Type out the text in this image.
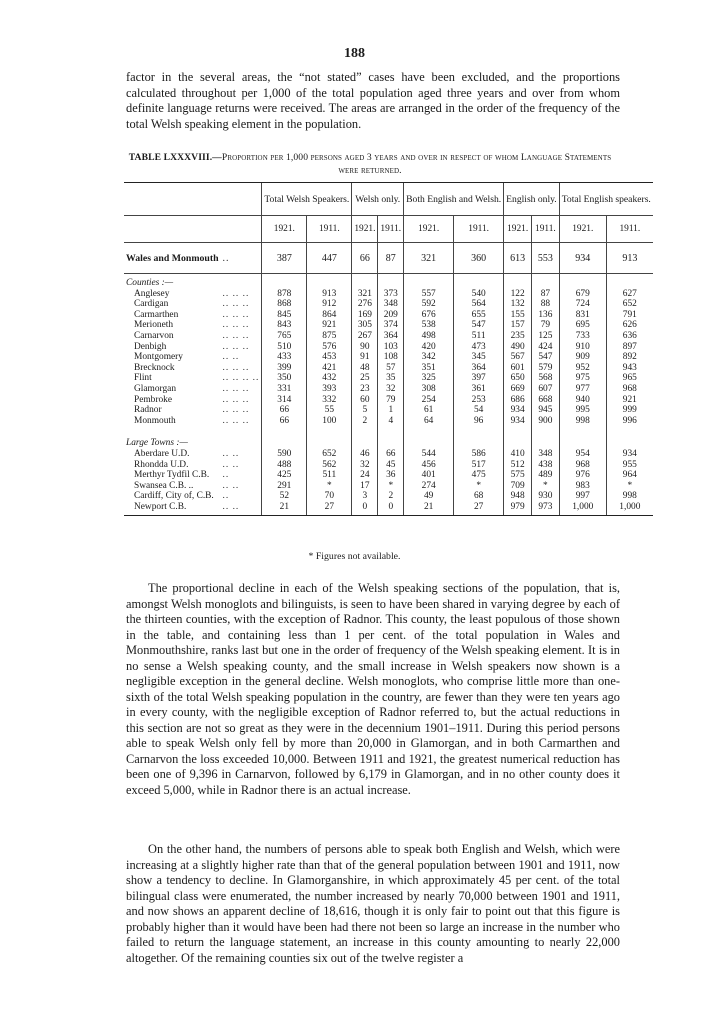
188

factor in the several areas, the “not stated” cases have been excluded, and the proportions calculated throughout per 1,000 of the total population aged three years and over from whom definite language returns were received. The areas are arranged in the order of the frequency of the total Welsh speaking element in the population.

TABLE LXXXVIII.—Proportion per 1,000 persons aged 3 years and over in respect of whom Language Statements were returned.
		Total Welsh Speakers.		Welsh only.		Both English and Welsh.		English only.		Total English speakers.	
		1921.	1911.	1921.	1911.	1921.	1911.	1921.	1911.	1921.	1911.
Wales and Monmouth	..	387	447	66	87	321	360	613	553	934	913
Counties :—											
Anglesey	.. .. ..	878	913	321	373	557	540	122	87	679	627
Cardigan	.. .. ..	868	912	276	348	592	564	132	88	724	652
Carmarthen	.. .. ..	845	864	169	209	676	655	155	136	831	791
Merioneth	.. .. ..	843	921	305	374	538	547	157	79	695	626
Carnarvon	.. .. ..	765	875	267	364	498	511	235	125	733	636
Denbigh	.. .. ..	510	576	90	103	420	473	490	424	910	897
Montgomery	.. ..	433	453	91	108	342	345	567	547	909	892
Brecknock	.. .. ..	399	421	48	57	351	364	601	579	952	943
Flint	.. .. .. ..	350	432	25	35	325	397	650	568	975	965
Glamorgan	.. .. ..	331	393	23	32	308	361	669	607	977	968
Pembroke	.. .. ..	314	332	60	79	254	253	686	668	940	921
Radnor	.. .. ..	66	55	5	1	61	54	934	945	995	999
Monmouth	.. .. ..	66	100	2	4	64	96	934	900	998	996

Large Towns :—											
Aberdare U.D.	.. ..	590	652	46	66	544	586	410	348	954	934
Rhondda U.D.	.. ..	488	562	32	45	456	517	512	438	968	955
Merthyr Tydfil C.B.	..	425	511	24	36	401	475	575	489	976	964
Swansea C.B. ..	.. ..	291	*	17	*	274	*	709	*	983	*
Cardiff, City of, C.B.	..	52	70	3	2	49	68	948	930	997	998
Newport C.B.	.. ..	21	27	0	0	21	27	979	973	1,000	1,000
* Figures not available.

The proportional decline in each of the Welsh speaking sections of the population, that is, amongst Welsh monoglots and bilinguists, is seen to have been shared in varying degree by each of the thirteen counties, with the exception of Radnor. This county, the least populous of those shown in the table, and containing less than 1 per cent. of the total population in Wales and Monmouthshire, ranks last but one in the order of frequency of the Welsh speaking element. It is in no sense a Welsh speaking county, and the small increase in Welsh speakers now shown is a negligible exception in the general decline. Welsh monoglots, who comprise little more than one-sixth of the total Welsh speaking population in the country, are fewer than they were ten years ago in every county, with the negligible exception of Radnor referred to, but the actual reductions in this section are not so great as they were in the decennium 1901–1911. During this period persons able to speak Welsh only fell by more than 20,000 in Glamorgan, and in both Carmarthen and Carnarvon the loss exceeded 10,000. Between 1911 and 1921, the greatest numerical reduction has been one of 9,396 in Carnarvon, followed by 6,179 in Glamorgan, and in no other county does it exceed 5,000, while in Radnor there is an actual increase.

On the other hand, the numbers of persons able to speak both English and Welsh, which were increasing at a slightly higher rate than that of the general population between 1901 and 1911, now show a tendency to decline. In Glamorganshire, in which approximately 45 per cent. of the total bilingual class were enumerated, the number increased by nearly 70,000 between 1901 and 1911, and now shows an apparent decline of 18,616, though it is only fair to point out that this figure is probably higher than it would have been had there not been so large an increase in the number who failed to return the language statement, an increase in this county amounting to nearly 22,000 altogether. Of the remaining counties six out of the twelve register a
